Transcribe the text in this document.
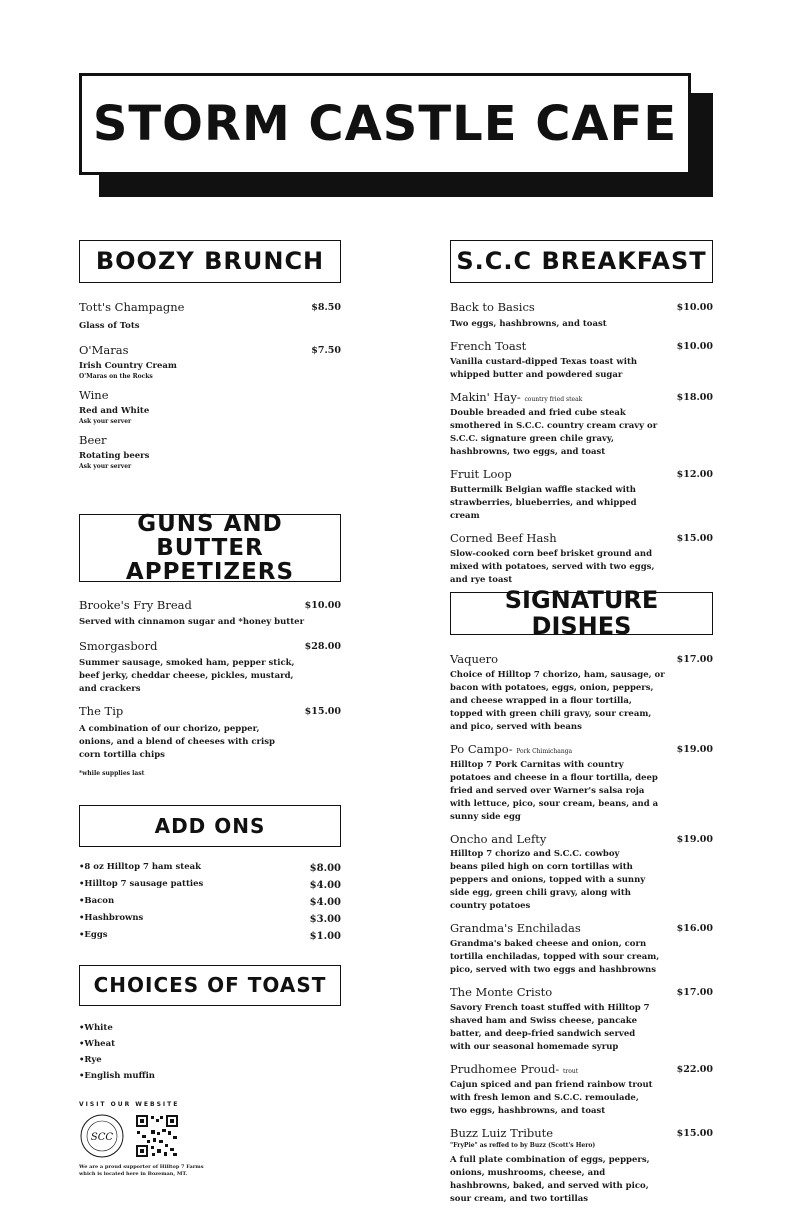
STORM CASTLE CAFE
BOOZY BRUNCH
Tott's Champagne	$8.50
Glass of Tots
O'Maras	$7.50
Irish Country Cream
O'Maras on the Rocks
Wine
Red and White
Ask your server
Beer
Rotating beers
Ask your server
GUNS AND BUTTER
APPETIZERS
Brooke's Fry Bread	$10.00
Served with cinnamon sugar and *honey butter
Smorgasbord	$28.00
Summer sausage, smoked ham, pepper stick, beef jerky, cheddar cheese, pickles, mustard, and crackers
The Tip	$15.00
A combination of our chorizo, pepper, onions, and a blend of cheeses with crisp corn tortilla chips
*while supplies last
ADD ONS
•8 oz Hilltop 7 ham steak	$8.00
•Hilltop 7 sausage patties	$4.00
•Bacon	$4.00
•Hashbrowns	$3.00
•Eggs	$1.00
CHOICES OF TOAST
•White
•Wheat
•Rye
•English muffin
VISIT OUR WEBSITE
SCC
We are a proud supporter of Hilltop 7 Farms
which is located here in Bozeman, MT.
S.C.C BREAKFAST
Back to Basics	$10.00
Two eggs, hashbrowns, and toast
French Toast	$10.00
Vanilla custard-dipped Texas toast with whipped butter and powdered sugar
Makin' Hay- country fried steak	$18.00
Double breaded and fried cube steak smothered in S.C.C. country cream cravy or S.C.C. signature green chile gravy, hashbrowns, two eggs, and toast
Fruit Loop	$12.00
Buttermilk Belgian waffle stacked with strawberries, blueberries, and whipped cream
Corned Beef Hash	$15.00
Slow-cooked corn beef brisket ground and mixed with potatoes, served with two eggs, and rye toast
SIGNATURE DISHES
Vaquero	$17.00
Choice of Hilltop 7 chorizo, ham, sausage, or bacon with potatoes, eggs, onion, peppers, and cheese wrapped in a flour tortilla, topped with green chili gravy, sour cream, and pico, served with beans
Po Campo- Pork Chimichanga	$19.00
Hilltop 7 Pork Carnitas with country potatoes and cheese in a flour tortilla, deep fried and served over Warner's salsa roja with lettuce, pico, sour cream, beans, and a sunny side egg
Oncho and Lefty	$19.00
Hilltop 7 chorizo and S.C.C. cowboy beans piled high on corn tortillas with peppers and onions, topped with a sunny side egg, green chili gravy, along with country potatoes
Grandma's Enchiladas	$16.00
Grandma's baked cheese and onion, corn tortilla enchiladas, topped with sour cream, pico, served with two eggs and hashbrowns
The Monte Cristo	$17.00
Savory French toast stuffed with Hilltop 7 shaved ham and Swiss cheese, pancake batter, and deep-fried sandwich served with our seasonal homemade syrup
Prudhomee Proud- trout	$22.00
Cajun spiced and pan friend rainbow trout with fresh lemon and S.C.C. remoulade, two eggs, hashbrowns, and toast
Buzz Luiz Tribute	$15.00
"FryPie" as reffed to by Buzz (Scott's Hero)
A full plate combination of eggs, peppers, onions, mushrooms, cheese, and hashbrowns, baked, and served with pico, sour cream, and two tortillas
